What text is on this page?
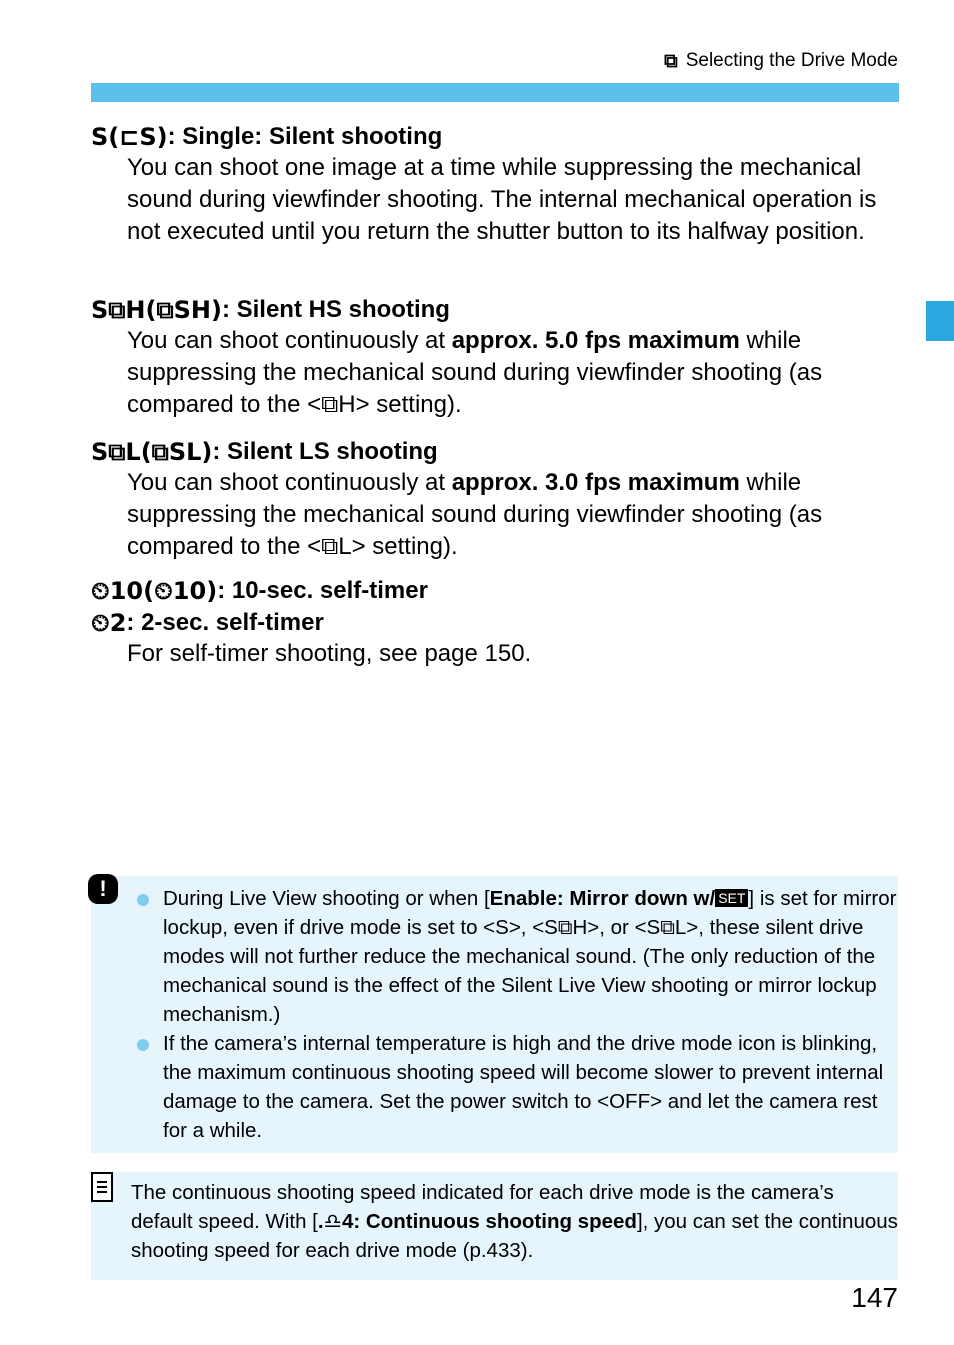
⧉ Selecting the Drive Mode
S(⊏S) : Single: Silent shooting

You can shoot one image at a time while suppressing the mechanical sound during viewfinder shooting. The internal mechanical operation is not executed until you return the shutter button to its halfway position.

S⧉H(⧉SH) : Silent HS shooting

You can shoot continuously at approx. 5.0 fps maximum while suppressing the mechanical sound during viewfinder shooting (as compared to the <⧉H> setting).

S⧉L(⧉SL) : Silent LS shooting

You can shoot continuously at approx. 3.0 fps maximum while suppressing the mechanical sound during viewfinder shooting (as compared to the <⧉L> setting).

⏲10(⏲10) : 10-sec. self-timer
⏲2 : 2-sec. self-timer

For self-timer shooting, see page 150.

!	During Live View shooting or when [Enable: Mirror down w/ SET ] is set for mirror lockup, even if drive mode is set to <S>, <S⧉H>, or <S⧉L>, these silent drive modes will not further reduce the mechanical sound. (The only reduction of the mechanical sound is the effect of the Silent Live View shooting or mirror lockup mechanism.)
If the camera’s internal temperature is high and the drive mode icon is blinking, the maximum continuous shooting speed will become slower to prevent internal damage to the camera. Set the power switch to <OFF> and let the camera rest for a while.
The continuous shooting speed indicated for each drive mode is the camera’s default speed. With [.♎4: Continuous shooting speed], you can set the continuous shooting speed for each drive mode (p.433).
147
